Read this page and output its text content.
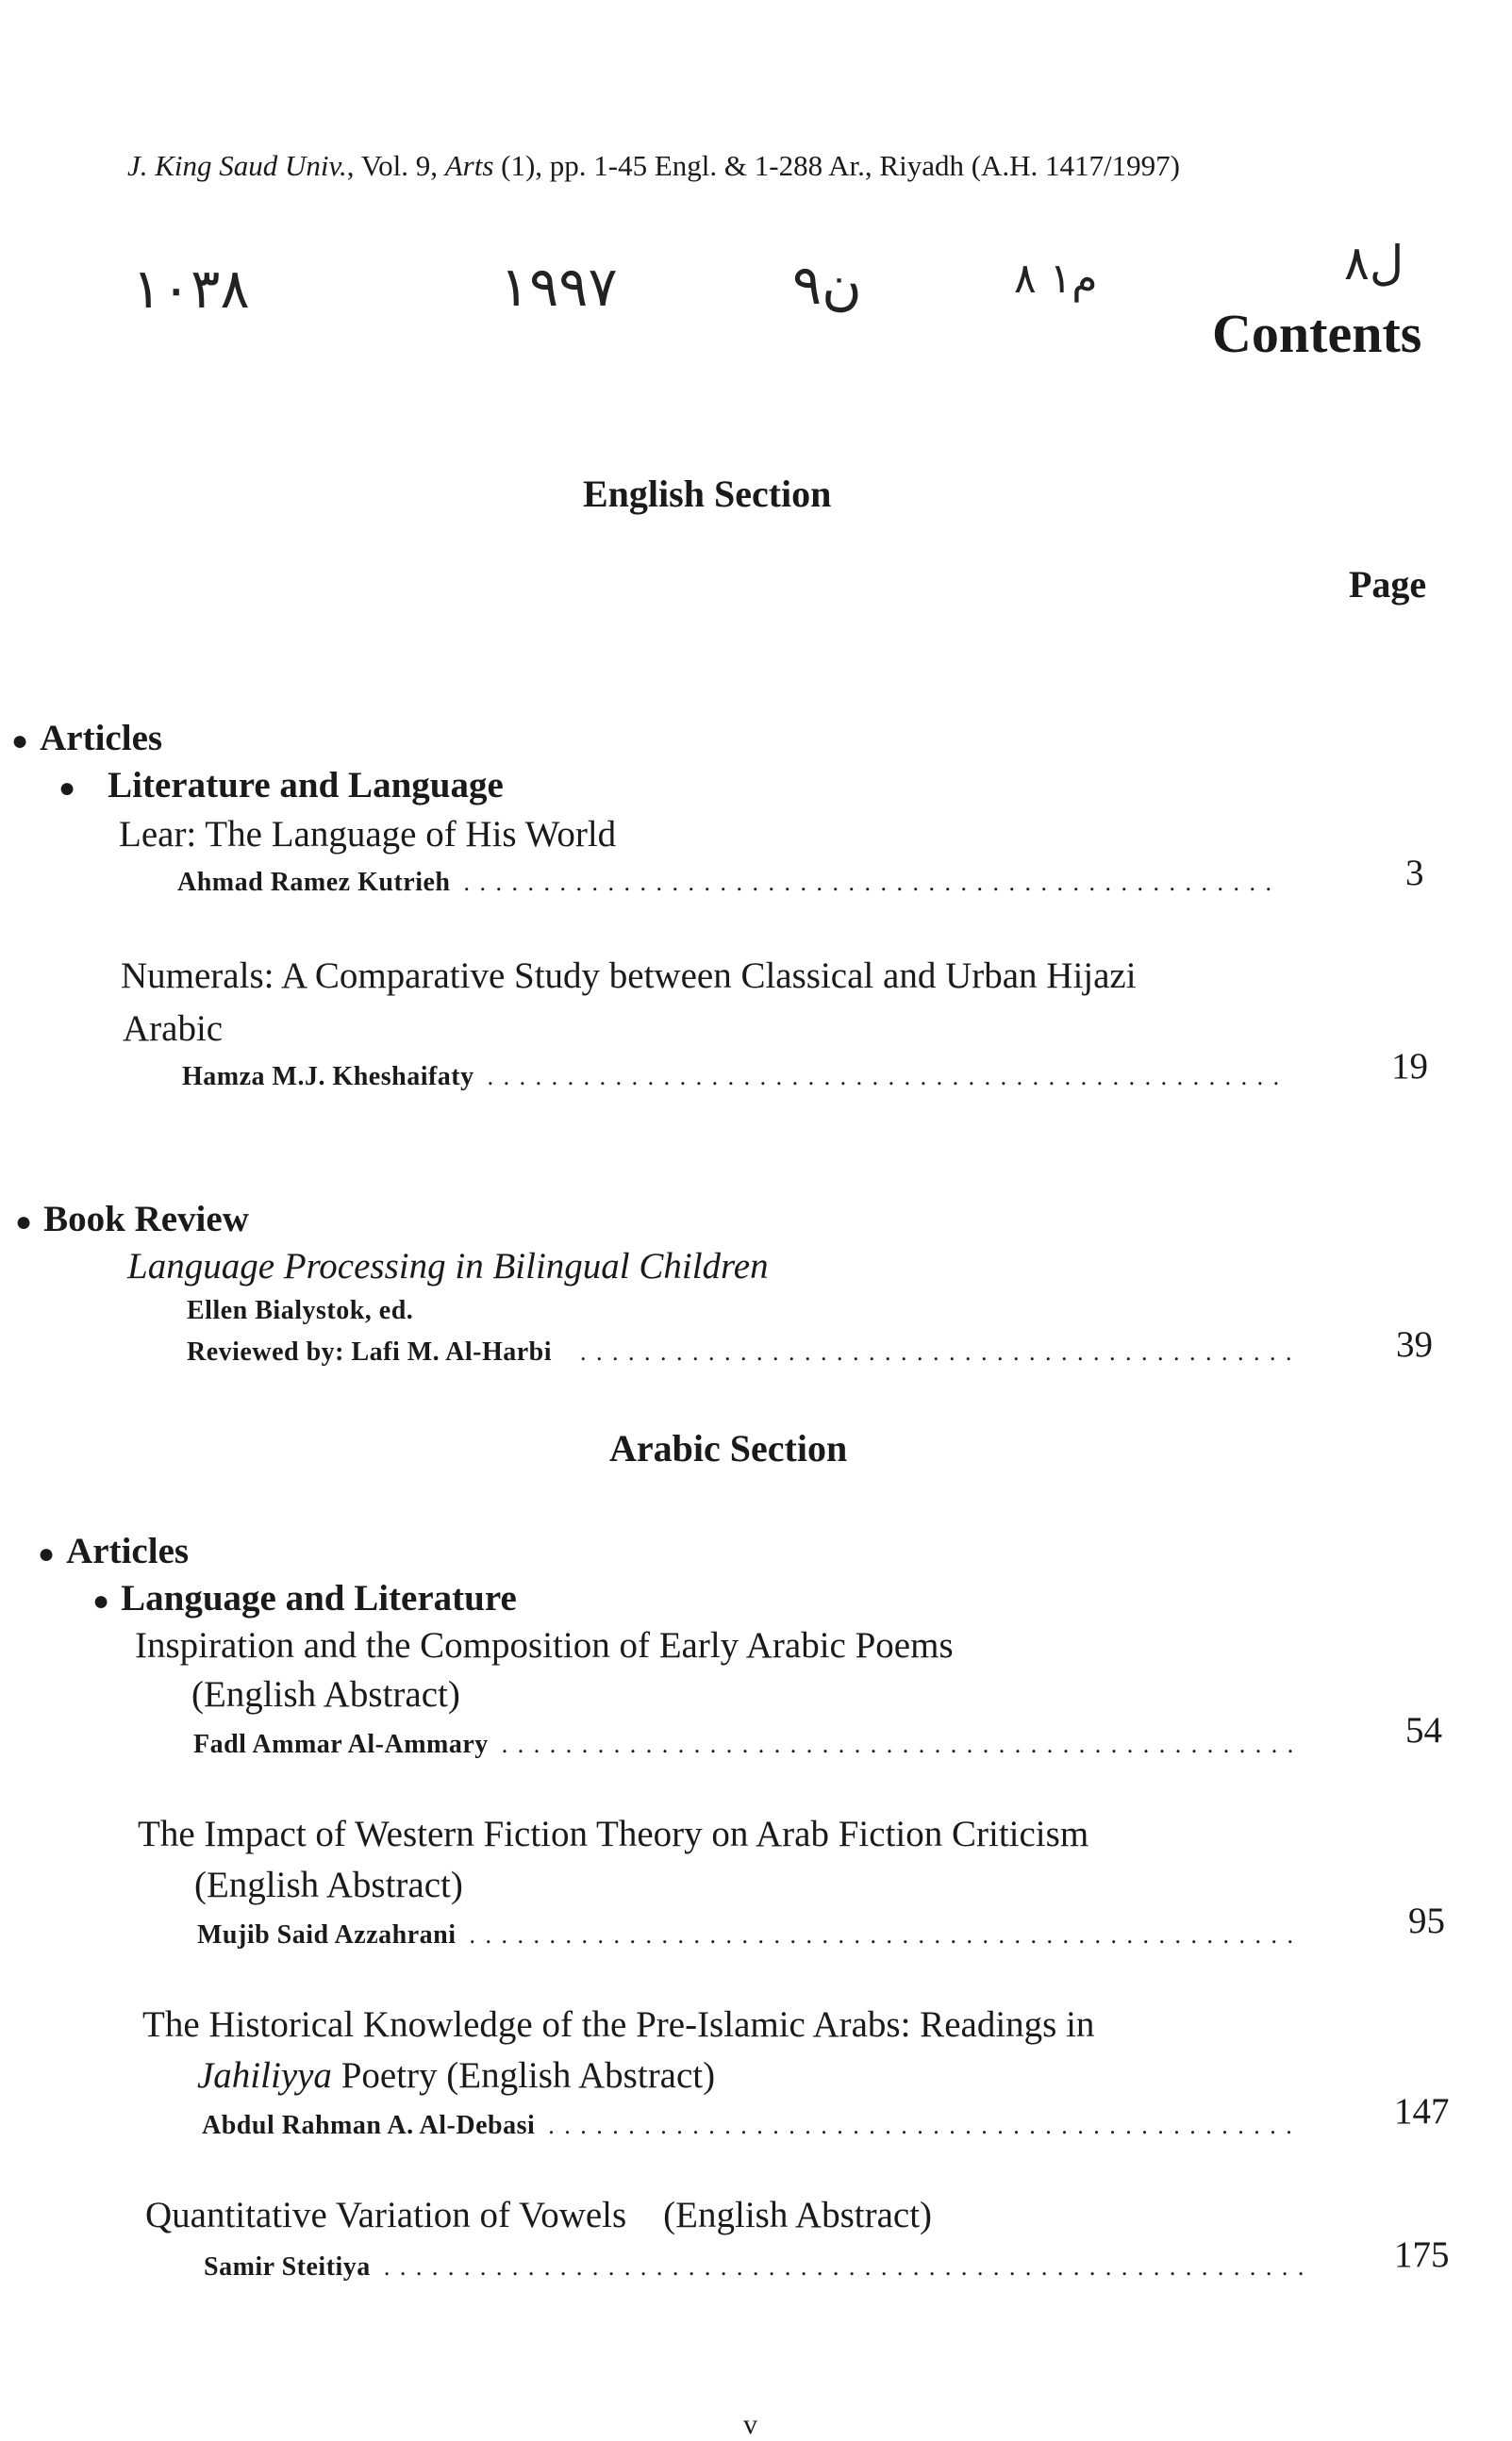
J. King Saud Univ., Vol. 9, Arts (1), pp. 1-45 Engl. & 1-288 Ar., Riyadh (A.H. 1417/1997)
١٠٣٨	١٩٩٧	ن٩	م١ ٨	ل٨
Contents
English Section
Page
● Articles
● Literature and Language
Lear: The Language of His World
Ahmad Ramez Kutrieh . . .	3
Numerals: A Comparative Study between Classical and Urban Hijazi
Arabic
Hamza M.J. Kheshaifaty . . .	19
● Book Review
Language Processing in Bilingual Children
Ellen Bialystok, ed.
Reviewed by: Lafi M. Al-Harbi . . .	39
Arabic Section
● Articles
● Language and Literature
Inspiration and the Composition of Early Arabic Poems
(English Abstract)
Fadl Ammar Al-Ammary . . .	54
The Impact of Western Fiction Theory on Arab Fiction Criticism
(English Abstract)
Mujib Said Azzahrani . . .	95
The Historical Knowledge of the Pre-Islamic Arabs: Readings in
Jahiliyya Poetry (English Abstract)
Abdul Rahman A. Al-Debasi . . .	147
Quantitative Variation of Vowels    (English Abstract)
Samir Steitiya . . .	175
v
